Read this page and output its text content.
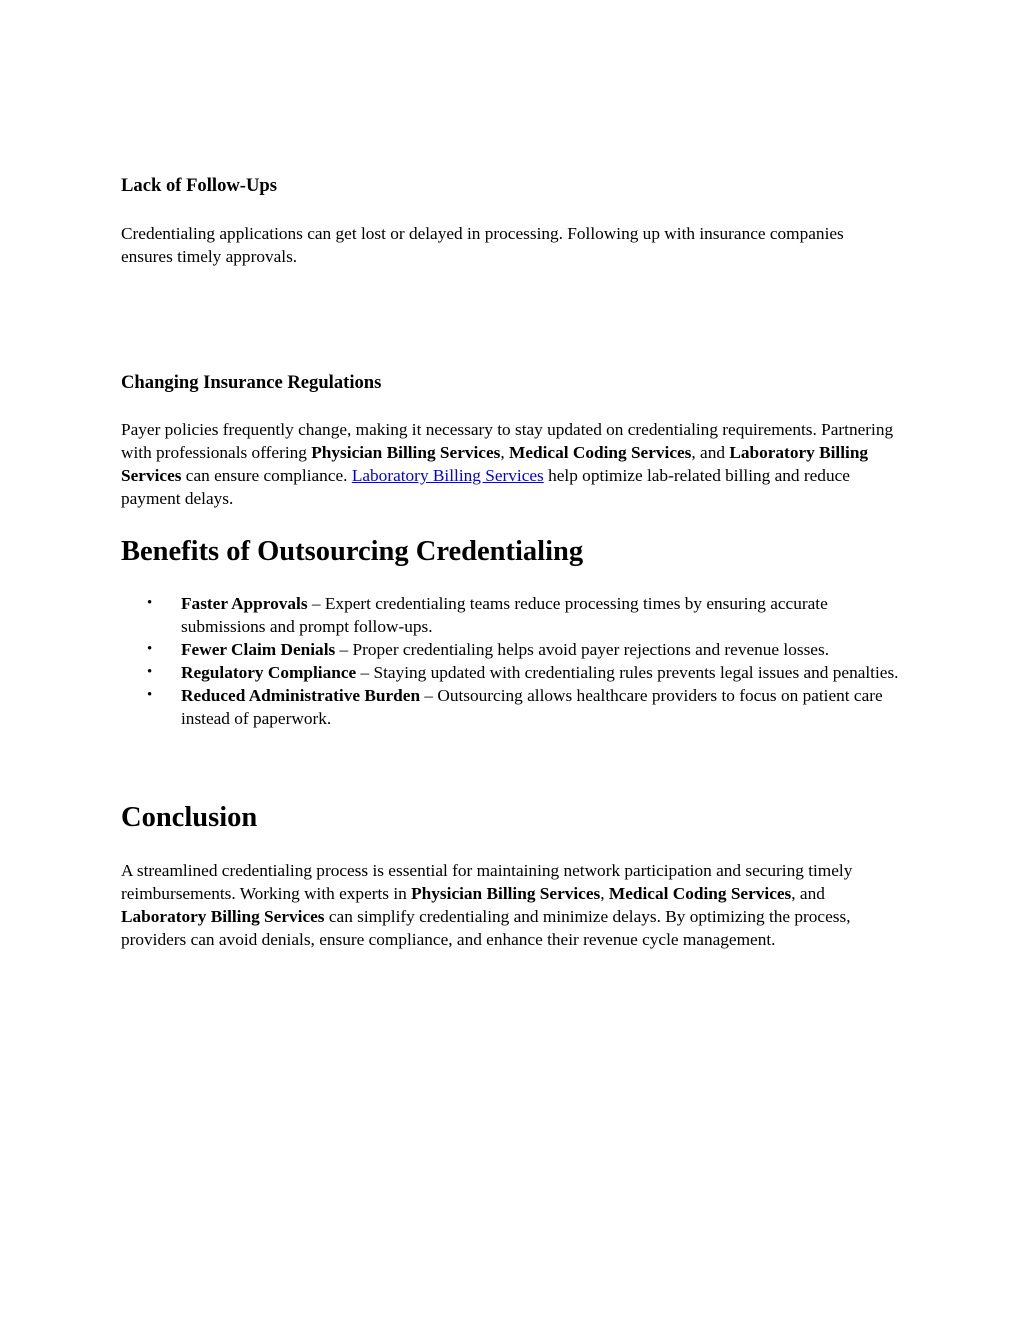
Lack of Follow-Ups

Credentialing applications can get lost or delayed in processing. Following up with insurance companies ensures timely approvals.

Changing Insurance Regulations

Payer policies frequently change, making it necessary to stay updated on credentialing requirements. Partnering with professionals offering Physician Billing Services, Medical Coding Services, and Laboratory Billing Services can ensure compliance. Laboratory Billing Services help optimize lab-related billing and reduce payment delays.

Benefits of Outsourcing Credentialing
• Faster Approvals – Expert credentialing teams reduce processing times by ensuring accurate submissions and prompt follow-ups.
• Fewer Claim Denials – Proper credentialing helps avoid payer rejections and revenue losses.
• Regulatory Compliance – Staying updated with credentialing rules prevents legal issues and penalties.
• Reduced Administrative Burden – Outsourcing allows healthcare providers to focus on patient care instead of paperwork.
Conclusion

A streamlined credentialing process is essential for maintaining network participation and securing timely reimbursements. Working with experts in Physician Billing Services, Medical Coding Services, and Laboratory Billing Services can simplify credentialing and minimize delays. By optimizing the process, providers can avoid denials, ensure compliance, and enhance their revenue cycle management.
